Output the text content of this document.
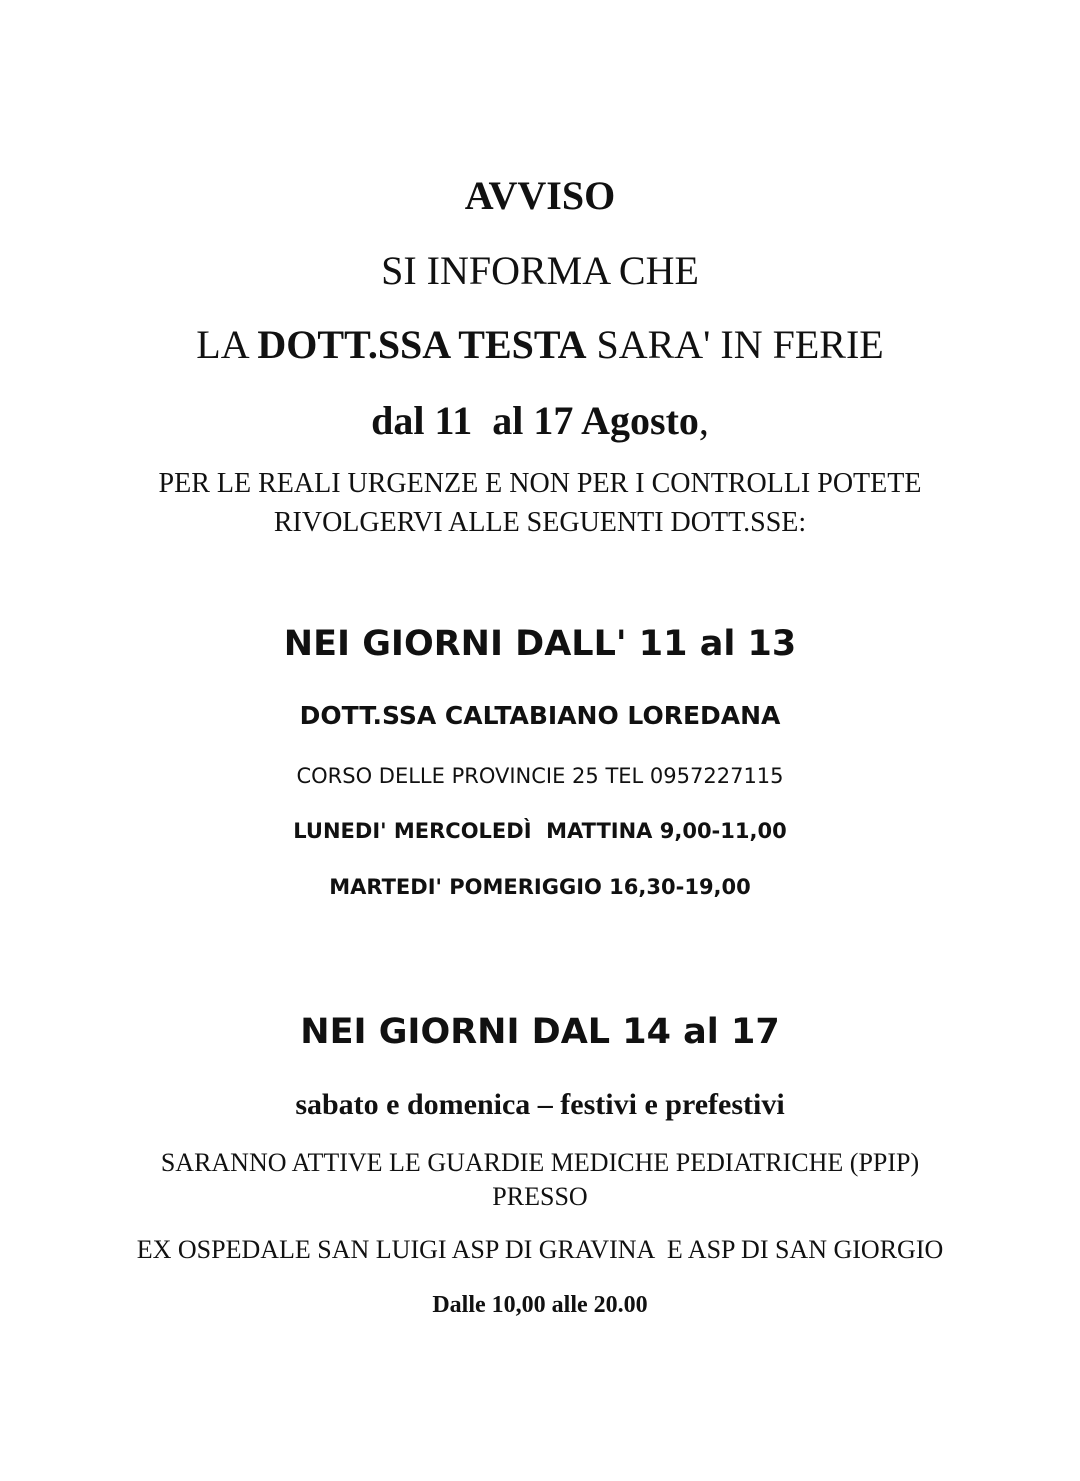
AVVISO
SI INFORMA CHE
LA DOTT.SSA TESTA SARA' IN FERIE
dal 11  al 17 Agosto,
PER LE REALI URGENZE E NON PER I CONTROLLI POTETE
RIVOLGERVI ALLE SEGUENTI DOTT.SSE:
NEI GIORNI DALL' 11 al 13
DOTT.SSA CALTABIANO LOREDANA
CORSO DELLE PROVINCIE 25 TEL 0957227115
LUNEDI' MERCOLEDÌ  MATTINA 9,00-11,00
MARTEDI' POMERIGGIO 16,30-19,00
NEI GIORNI DAL 14 al 17
sabato e domenica – festivi e prefestivi
SARANNO ATTIVE LE GUARDIE MEDICHE PEDIATRICHE (PPIP)
PRESSO
EX OSPEDALE SAN LUIGI ASP DI GRAVINA  E ASP DI SAN GIORGIO
Dalle 10,00 alle 20.00
